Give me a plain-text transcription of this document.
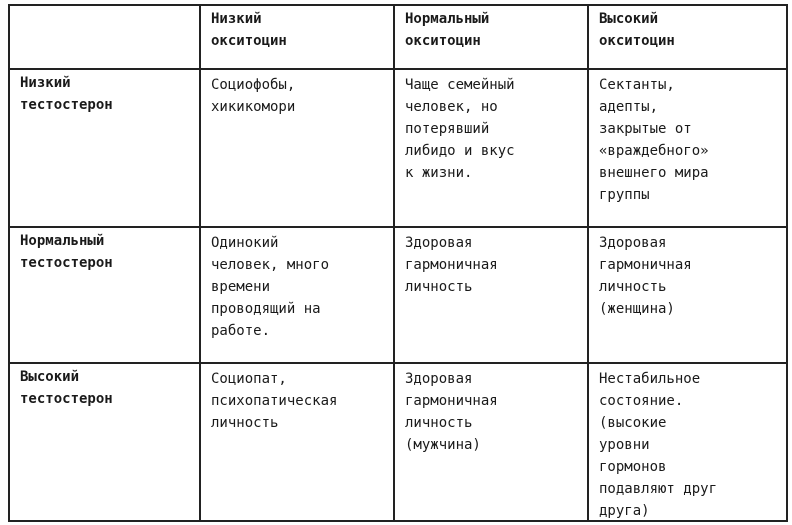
Низкий
окситоцин
Нормальный
окситоцин
Высокий
окситоцин
Низкий
тестостерон
Социофобы,
хикикомори
Чаще семейный
человек, но
потерявший
либидо и вкус
к жизни.
Сектанты,
адепты,
закрытые от
«враждебного»
внешнего мира
группы
Нормальный
тестостерон
Одинокий
человек, много
времени
проводящий на
работе.
Здоровая
гармоничная
личность
Здоровая
гармоничная
личность
(женщина)
Высокий
тестостерон
Социопат,
психопатическая
личность
Здоровая
гармоничная
личность
(мужчина)
Нестабильное
состояние.
(высокие
уровни
гормонов
подавляют друг
друга)
